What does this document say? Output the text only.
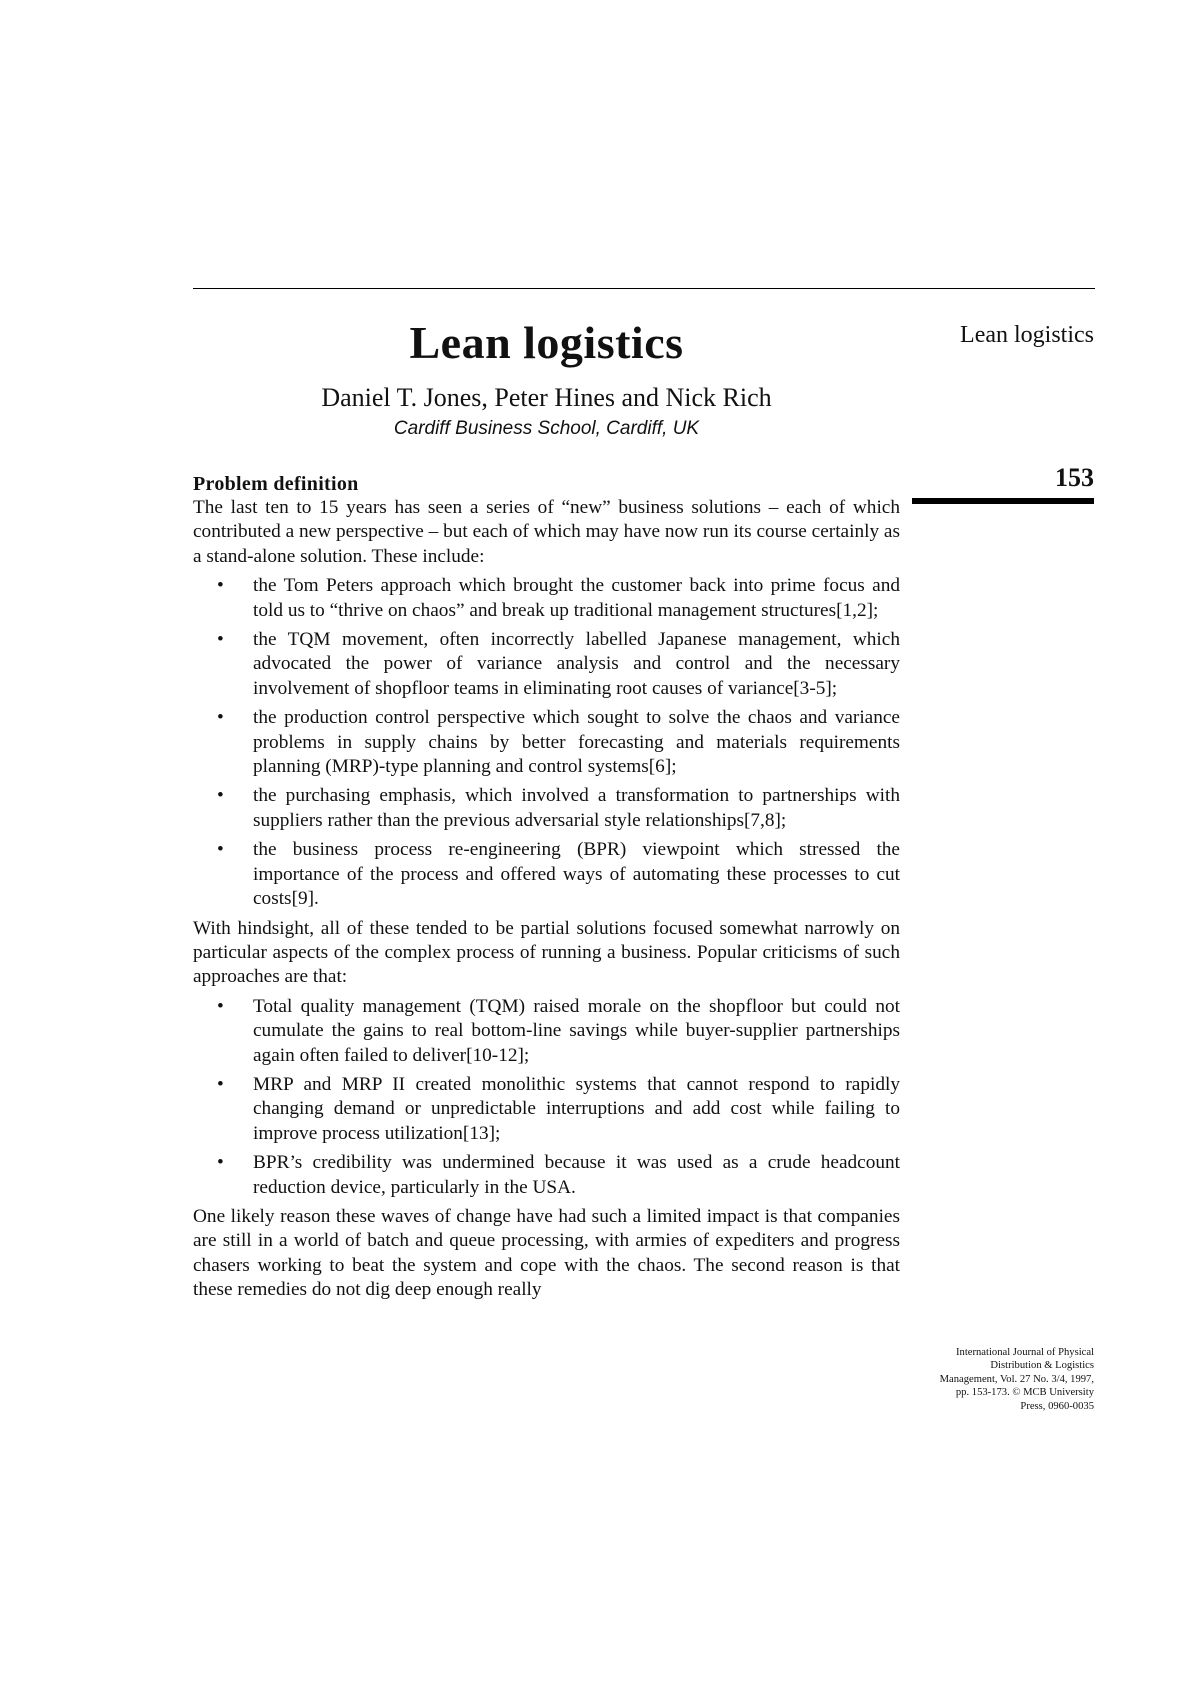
Lean logistics
Daniel T. Jones, Peter Hines and Nick Rich
Cardiff Business School, Cardiff, UK
Lean logistics
153
Problem definition

The last ten to 15 years has seen a series of “new” business solutions – each of which contributed a new perspective – but each of which may have now run its course certainly as a stand-alone solution. These include:

• the Tom Peters approach which brought the customer back into prime focus and told us to “thrive on chaos” and break up traditional management structures[1,2];
• the TQM movement, often incorrectly labelled Japanese management, which advocated the power of variance analysis and control and the necessary involvement of shopfloor teams in eliminating root causes of variance[3-5];
• the production control perspective which sought to solve the chaos and variance problems in supply chains by better forecasting and materials requirements planning (MRP)-type planning and control systems[6];
• the purchasing emphasis, which involved a transformation to partnerships with suppliers rather than the previous adversarial style relationships[7,8];
• the business process re-engineering (BPR) viewpoint which stressed the importance of the process and offered ways of automating these processes to cut costs[9].

With hindsight, all of these tended to be partial solutions focused somewhat narrowly on particular aspects of the complex process of running a business. Popular criticisms of such approaches are that:

• Total quality management (TQM) raised morale on the shopfloor but could not cumulate the gains to real bottom-line savings while buyer-supplier partnerships again often failed to deliver[10-12];
• MRP and MRP II created monolithic systems that cannot respond to rapidly changing demand or unpredictable interruptions and add cost while failing to improve process utilization[13];
• BPR’s credibility was undermined because it was used as a crude headcount reduction device, particularly in the USA.

One likely reason these waves of change have had such a limited impact is that companies are still in a world of batch and queue processing, with armies of expediters and progress chasers working to beat the system and cope with the chaos. The second reason is that these remedies do not dig deep enough really

International Journal of Physical
Distribution & Logistics
Management, Vol. 27 No. 3/4, 1997,
pp. 153-173. © MCB University
Press, 0960-0035
